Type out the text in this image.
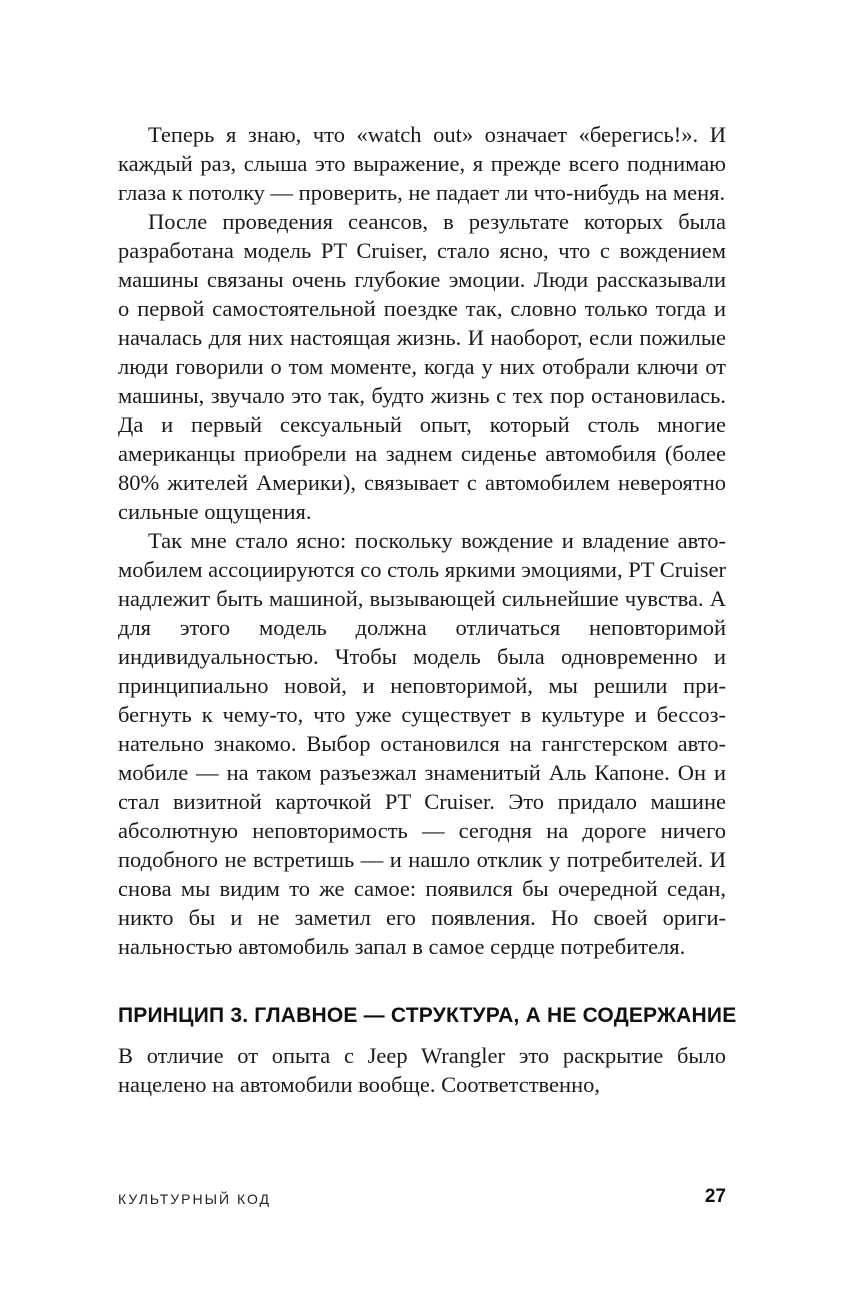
Теперь я знаю, что «watch out» означает «берегись!». И каждый раз, слыша это выражение, я прежде всего поднимаю глаза к потолку — проверить, не падает ли что-нибудь на меня.

После проведения сеансов, в результате которых была разработана модель PT Cruiser, стало ясно, что с вождением машины связаны очень глубокие эмоции. Люди рассказывали о первой самостоятельной поездке так, словно только тогда и началась для них настоящая жизнь. И наоборот, если пожилые люди говорили о том моменте, когда у них отобрали ключи от машины, звучало это так, будто жизнь с тех пор остановилась. Да и первый сексуальный опыт, который столь многие американцы приобрели на заднем сиденье автомобиля (более 80% жителей Америки), связывает с автомобилем невероятно сильные ощущения.

Так мне стало ясно: поскольку вождение и владение автомобилем ассоциируются со столь яркими эмоциями, PT Cruiser надлежит быть машиной, вызывающей сильнейшие чувства. А для этого модель должна отличаться неповторимой индивидуальностью. Чтобы модель была одновременно и принципиально новой, и неповторимой, мы решили прибегнуть к чему-то, что уже существует в культуре и бессознательно знакомо. Выбор остановился на гангстерском автомобиле — на таком разъезжал знаменитый Аль Капоне. Он и стал визитной карточкой PT Cruiser. Это придало машине абсолютную неповторимость — сегодня на дороге ничего подобного не встретишь — и нашло отклик у потребителей. И снова мы видим то же самое: появился бы очередной седан, никто бы и не заметил его появления. Но своей оригинальностью автомобиль запал в самое сердце потребителя.

ПРИНЦИП 3. ГЛАВНОЕ — СТРУКТУРА, А НЕ СОДЕРЖАНИЕ

В отличие от опыта с Jeep Wrangler это раскрытие было нацелено на автомобили вообще. Соответственно,

КУЛЬТУРНЫЙ КОД	27
